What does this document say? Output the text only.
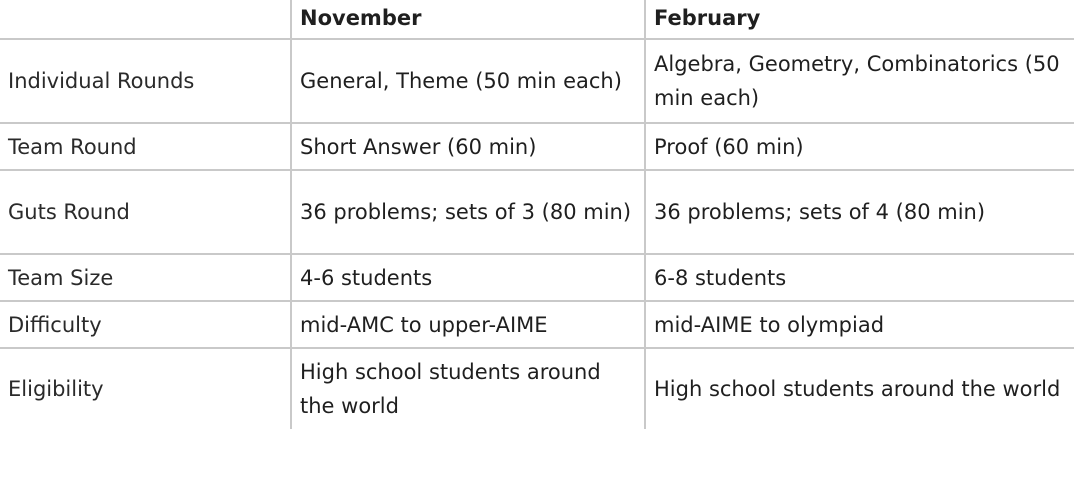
	November	February
Individual Rounds	General, Theme (50 min each)	Algebra, Geometry, Combinatorics (50 min each)
Team Round	Short Answer (60 min)	Proof (60 min)
Guts Round	36 problems; sets of 3 (80 min)	36 problems; sets of 4 (80 min)
Team Size	4-6 students	6-8 students
Difficulty	mid-AMC to upper-AIME	mid-AIME to olympiad
Eligibility	High school students around the world	High school students around the world
